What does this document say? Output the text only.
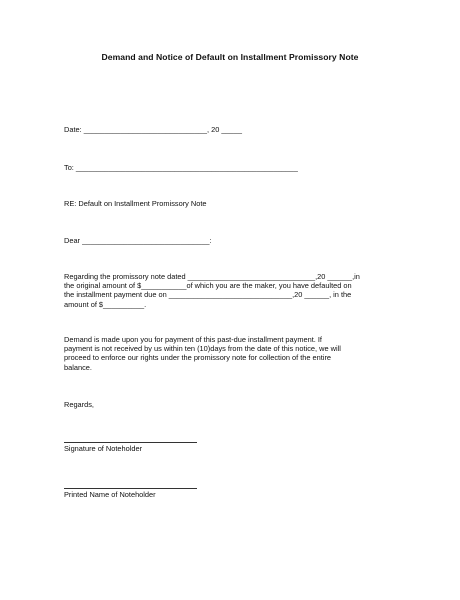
Demand and Notice of Default on Installment Promissory Note
Date: ______________________________, 20 _____
To: ______________________________________________________
RE: Default on Installment Promissory Note
Dear _______________________________:
Regarding the promissory note dated _______________________________,20 ______,in
the original amount of $___________of which you are the maker, you have defaulted on
the installment payment due on ______________________________,20 ______, in the
amount of $__________.
Demand is made upon you for payment of this past-due installment payment. If
payment is not received by us within ten (10)days from the date of this notice, we will
proceed to enforce our rights under the promissory note for collection of the entire
balance.
Regards,
Signature of Noteholder
Printed Name of Noteholder
